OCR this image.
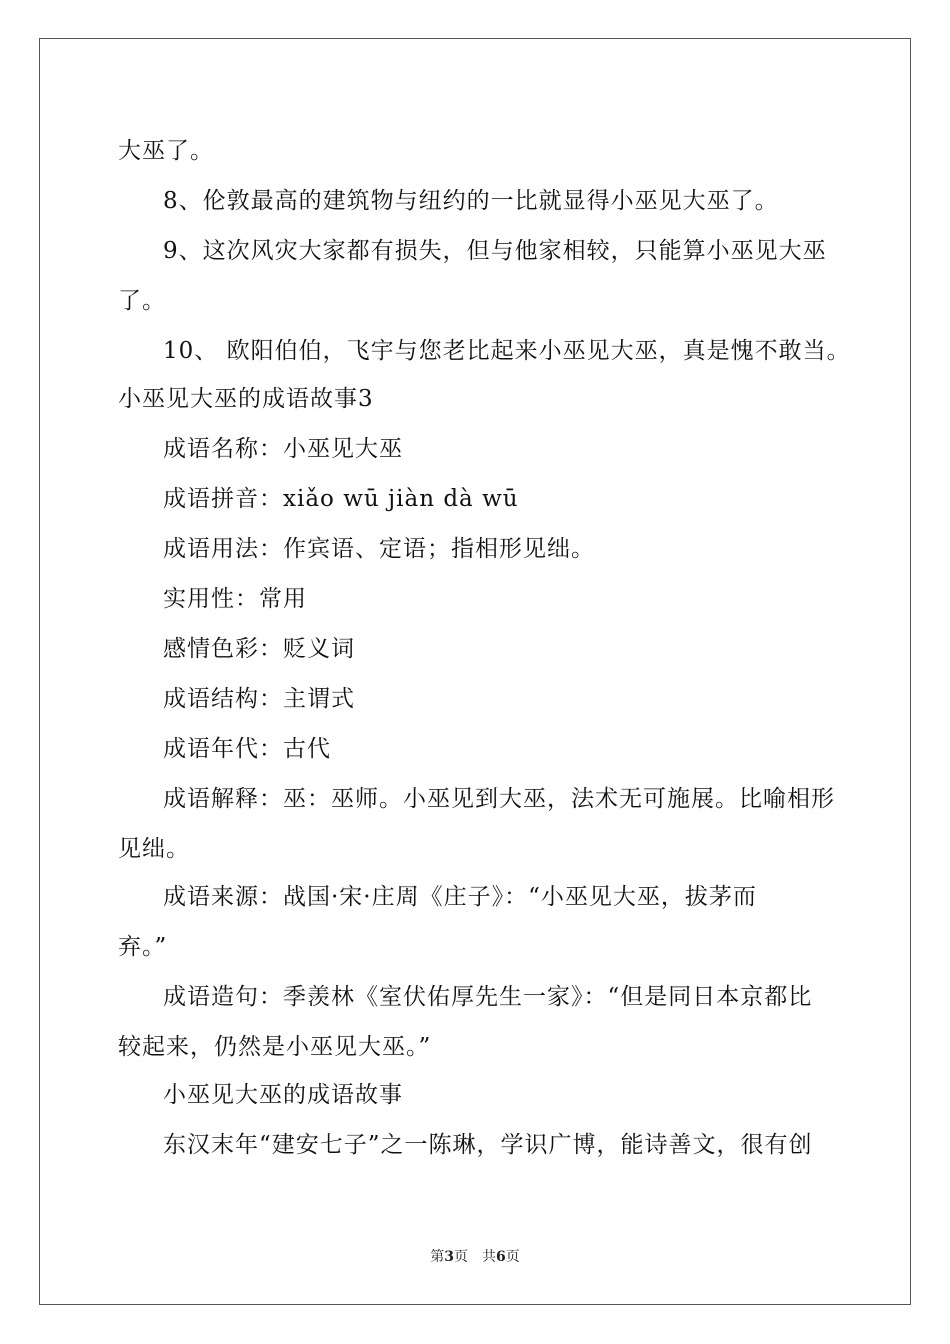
大巫了。
8、伦敦最高的建筑物与纽约的一比就显得小巫见大巫了。
9、这次风灾大家都有损失，但与他家相较，只能算小巫见大巫
了。
10、 欧阳伯伯，飞宇与您老比起来小巫见大巫，真是愧不敢当。
小巫见大巫的成语故事3
成语名称：小巫见大巫
成语拼音：xiǎo wū jiàn dà wū
成语用法：作宾语、定语；指相形见绌。
实用性：常用
感情色彩：贬义词
成语结构：主谓式
成语年代：古代
成语解释：巫：巫师。小巫见到大巫，法术无可施展。比喻相形
见绌。
成语来源：战国·宋·庄周《庄子》：“小巫见大巫，拔茅而
弃。”
成语造句：季羡林《室伏佑厚先生一家》：“但是同日本京都比
较起来，仍然是小巫见大巫。”
小巫见大巫的成语故事
东汉末年“建安七子”之一陈琳，学识广博，能诗善文，很有创
第3页　共6页
